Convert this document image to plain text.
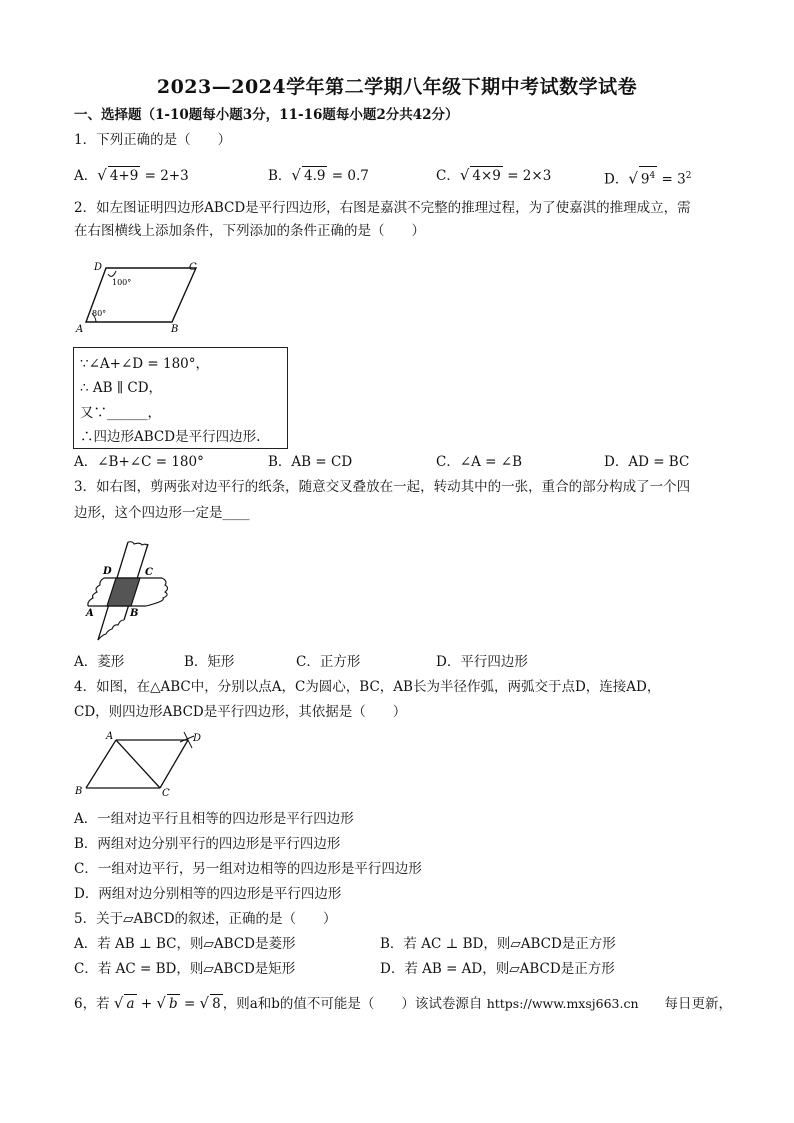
2023—2024学年第二学期八年级下期中考试数学试卷
一、选择题（1-10题每小题3分，11-16题每小题2分共42分）
1．下列正确的是（　　）
A．√ 4+9 = 2+3	B．√ 4.9 = 0.7	C．√ 4×9 = 2×3	D．√ $9^4 = 3^2$
2．如左图证明四边形ABCD是平行四边形，右图是嘉淇不完整的推理过程，为了使嘉淇的推理成立，需
在右图横线上添加条件，下列添加的条件正确的是（　　）
D	C
A	B
100°
80°
∵∠A+∠D = 180°，
∴ AB ∥ CD，
又∵______，
∴四边形ABCD是平行四边形.
A．∠B+∠C = 180°	B．AB = CD	C．∠A = ∠B	D．AD = BC
3．如右图，剪两张对边平行的纸条，随意交叉叠放在一起，转动其中的一张，重合的部分构成了一个四
边形，这个四边形一定是____
D	C
A	B
A．菱形	B．矩形	C．正方形	D．平行四边形
4．如图，在△ABC中，分别以点A，C为圆心，BC，AB长为半径作弧，两弧交于点D，连接AD，
CD，则四边形ABCD是平行四边形，其依据是（　　）
A	D
B	C
A．一组对边平行且相等的四边形是平行四边形
B．两组对边分别平行的四边形是平行四边形
C．一组对边平行，另一组对边相等的四边形是平行四边形
D．两组对边分别相等的四边形是平行四边形
5．关于▱ABCD的叙述，正确的是（　　）
A．若 AB ⊥ BC，则▱ABCD是菱形	B．若 AC ⊥ BD，则▱ABCD是正方形
C．若 AC = BD，则▱ABCD是矩形	D．若 AB = AD，则▱ABCD是正方形
6，若 √ a + √ b = √ 8 ，则a和b的值不可能是（　　）该试卷源自 https://www.mxsj663.cn 每日更新，
